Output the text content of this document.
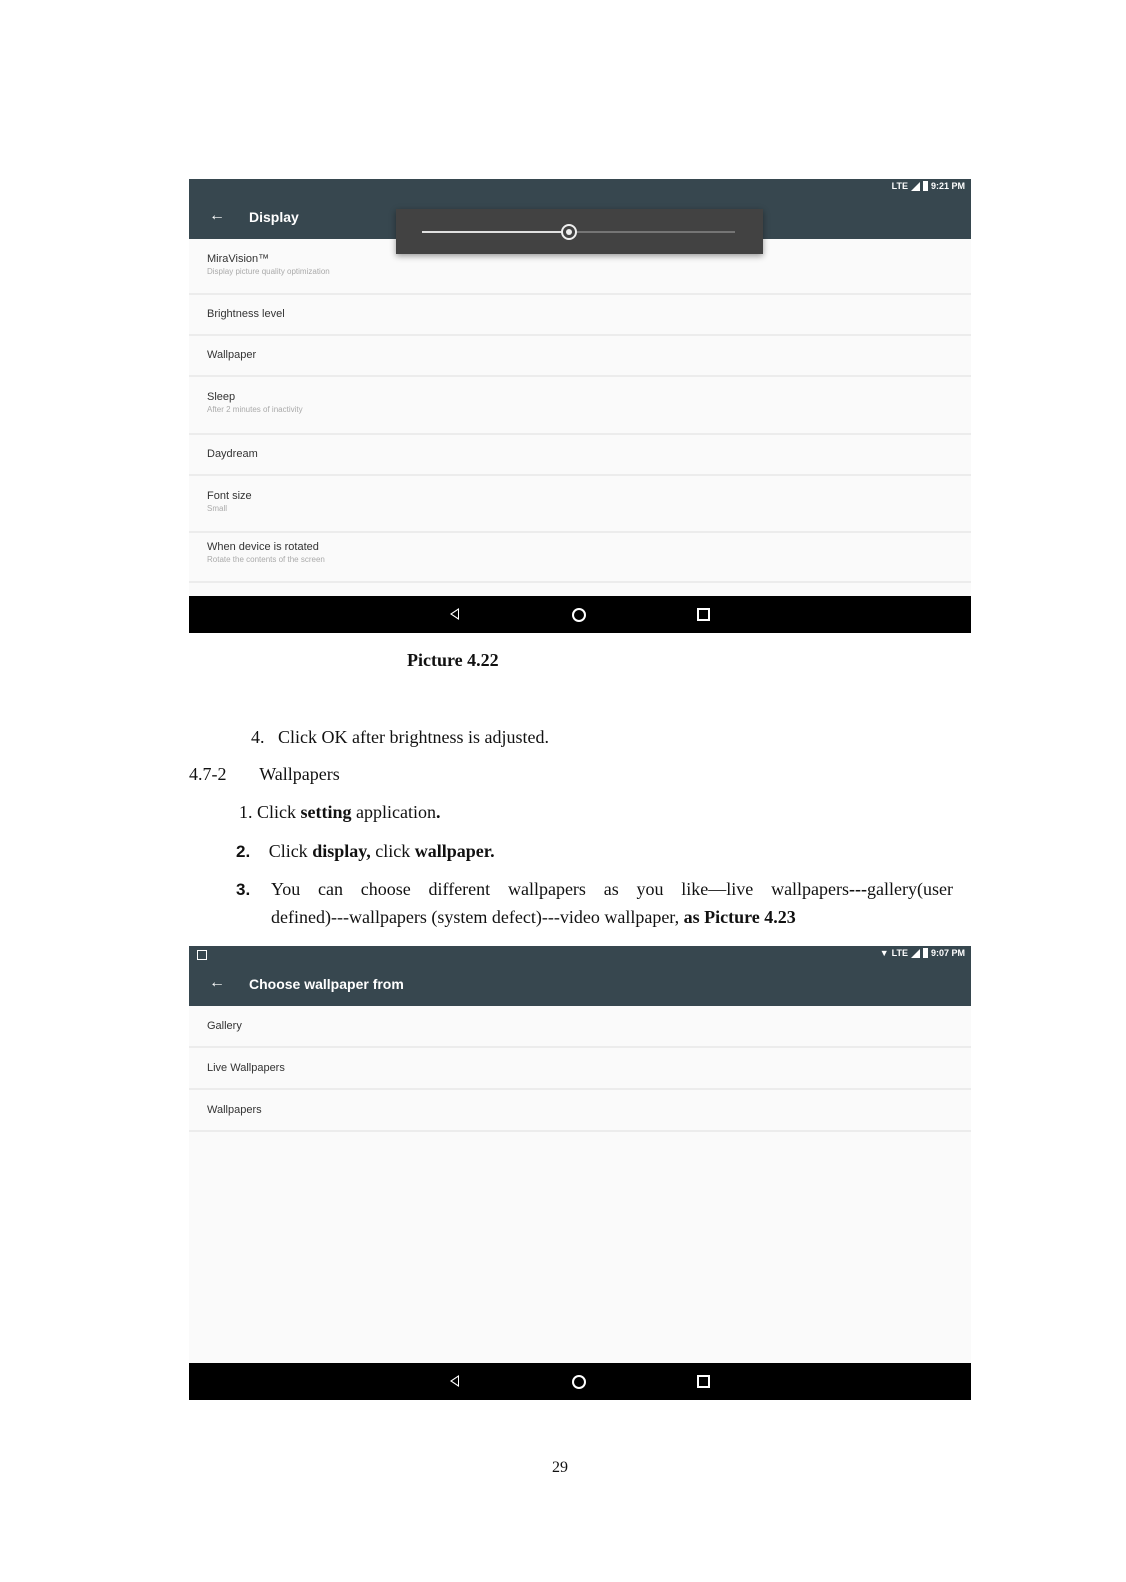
LTE	9:21 PM
← Display
MiraVision™
Display picture quality optimization
Brightness level
Wallpaper
Sleep
After 2 minutes of inactivity
Daydream
Font size
Small
When device is rotated
Rotate the contents of the screen
Picture 4.22
4. Click OK after brightness is adjusted.
4.7-2 Wallpapers
1. Click setting application.
2. Click display, click wallpaper.
3. You can choose different wallpapers as you like—live wallpapers---gallery(user
defined)---wallpapers (system defect)---video wallpaper, as Picture 4.23
▼ LTE	9:07 PM
← Choose wallpaper from
Gallery
Live Wallpapers
Wallpapers
29
